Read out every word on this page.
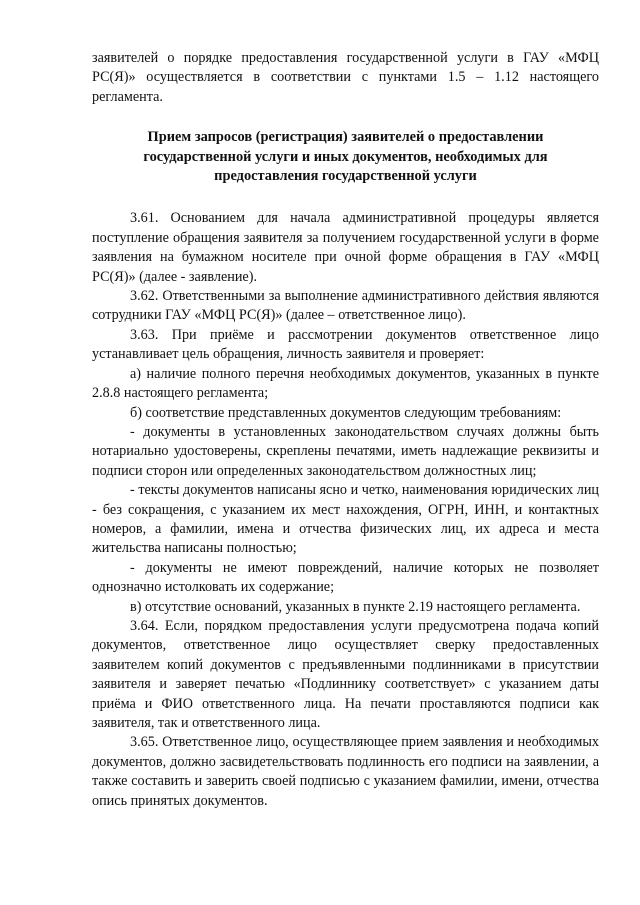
заявителей о порядке предоставления государственной услуги в ГАУ «МФЦ РС(Я)» осуществляется в соответствии с пунктами 1.5 – 1.12 настоящего регламента.

Прием запросов (регистрация) заявителей о предоставлении
государственной услуги и иных документов, необходимых для
предоставления государственной услуги

3.61. Основанием для начала административной процедуры является поступление обращения заявителя за получением государственной услуги в форме заявления на бумажном носителе при очной форме обращения в ГАУ «МФЦ РС(Я)» (далее - заявление).

3.62. Ответственными за выполнение административного действия являются сотрудники ГАУ «МФЦ РС(Я)» (далее – ответственное лицо).

3.63. При приёме и рассмотрении документов ответственное лицо устанавливает цель обращения, личность заявителя и проверяет:

а) наличие полного перечня необходимых документов, указанных в пункте 2.8.8 настоящего регламента;

б) соответствие представленных документов следующим требованиям:

- документы в установленных законодательством случаях должны быть нотариально удостоверены, скреплены печатями, иметь надлежащие реквизиты и подписи сторон или определенных законодательством должностных лиц;

- тексты документов написаны ясно и четко, наименования юридических лиц - без сокращения, с указанием их мест нахождения, ОГРН, ИНН, и контактных номеров, а фамилии, имена и отчества физических лиц, их адреса и места жительства написаны полностью;

- документы не имеют повреждений, наличие которых не позволяет однозначно истолковать их содержание;

в) отсутствие оснований, указанных в пункте 2.19 настоящего регламента.

3.64. Если, порядком предоставления услуги предусмотрена подача копий документов, ответственное лицо осуществляет сверку предоставленных заявителем копий документов с предъявленными подлинниками в присутствии заявителя и заверяет печатью «Подлиннику соответствует» с указанием даты приёма и ФИО ответственного лица. На печати проставляются подписи как заявителя, так и ответственного лица.

3.65. Ответственное лицо, осуществляющее прием заявления и необходимых документов, должно засвидетельствовать подлинность его подписи на заявлении, а также составить и заверить своей подписью с указанием фамилии, имени, отчества опись принятых документов.
